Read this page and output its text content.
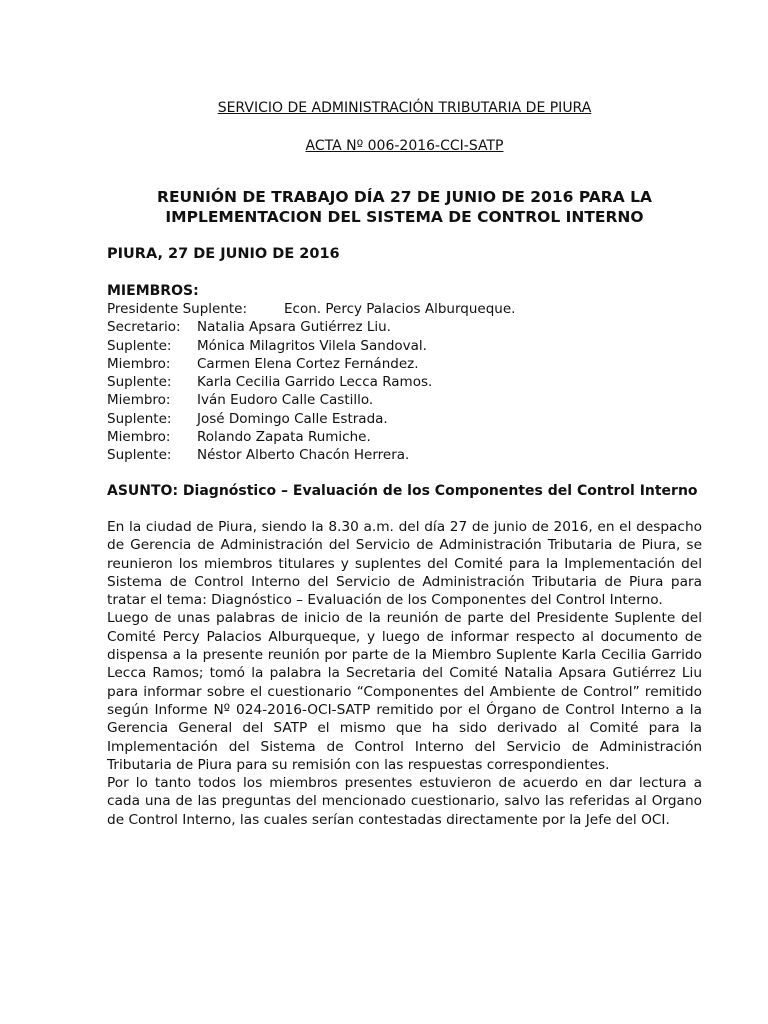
SERVICIO DE ADMINISTRACIÓN TRIBUTARIA DE PIURA

ACTA Nº 006-2016-CCI-SATP

REUNIÓN DE TRABAJO DÍA 27 DE JUNIO DE 2016 PARA LA
IMPLEMENTACION DEL SISTEMA DE CONTROL INTERNO

PIURA, 27 DE JUNIO DE 2016

MIEMBROS:

Presidente Suplente:	Econ. Percy Palacios Alburqueque.
Secretario:	Natalia Apsara Gutiérrez Liu.
Suplente:	Mónica Milagritos Vilela Sandoval.
Miembro:	Carmen Elena Cortez Fernández.
Suplente:	Karla Cecilia Garrido Lecca Ramos.
Miembro:	Iván Eudoro Calle Castillo.
Suplente:	José Domingo Calle Estrada.
Miembro:	Rolando Zapata Rumiche.
Suplente:	Néstor Alberto Chacón Herrera.

ASUNTO: Diagnóstico – Evaluación de los Componentes del Control Interno

En la ciudad de Piura, siendo la 8.30 a.m. del día 27 de junio de 2016, en el despacho de Gerencia de Administración del Servicio de Administración Tributaria de Piura, se reunieron los miembros titulares y suplentes del Comité para la Implementación del Sistema de Control Interno del Servicio de Administración Tributaria de Piura para tratar el tema: Diagnóstico – Evaluación de los Componentes del Control Interno.

Luego de unas palabras de inicio de la reunión de parte del Presidente Suplente del Comité Percy Palacios Alburqueque, y luego de informar respecto al documento de dispensa a la presente reunión por parte de la Miembro Suplente Karla Cecilia Garrido Lecca Ramos; tomó la palabra la Secretaria del Comité Natalia Apsara Gutiérrez Liu para informar sobre el cuestionario “Componentes del Ambiente de Control” remitido según Informe Nº 024-2016-OCI-SATP remitido por el Órgano de Control Interno a la Gerencia General del SATP el mismo que ha sido derivado al Comité para la Implementación del Sistema de Control Interno del Servicio de Administración Tributaria de Piura para su remisión con las respuestas correspondientes.

Por lo tanto todos los miembros presentes estuvieron de acuerdo en dar lectura a cada una de las preguntas del mencionado cuestionario, salvo las referidas al Organo de Control Interno, las cuales serían contestadas directamente por la Jefe del OCI.
